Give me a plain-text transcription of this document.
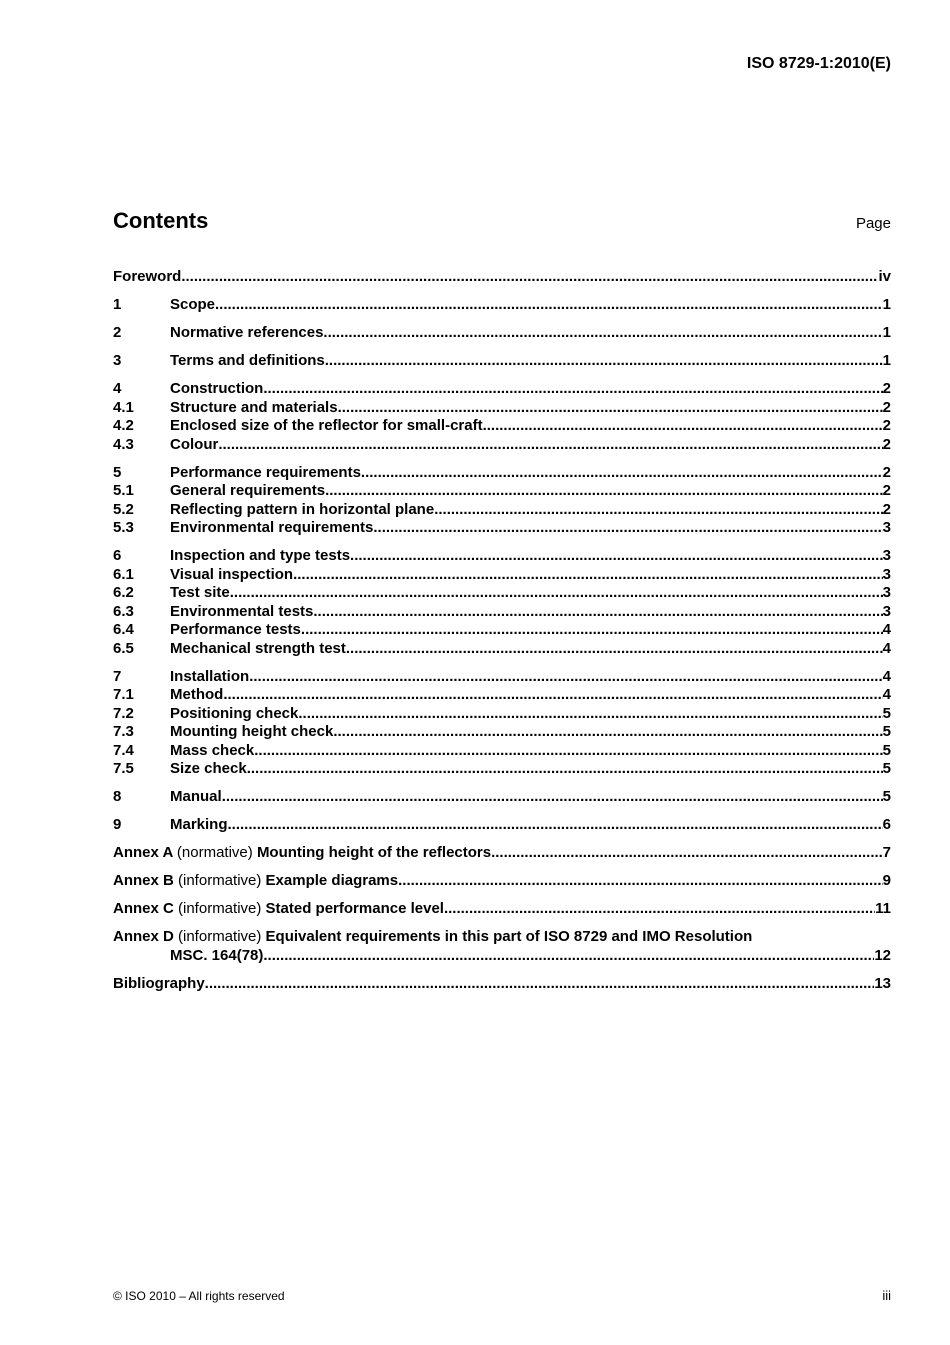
ISO 8729-1:2010(E)
Contents	Page
Foreword .....	iv
1	Scope .....	1
2	Normative references .....	1
3	Terms and definitions .....	1
4	Construction .....	2
4.1 Structure and materials .....	2
4.2 Enclosed size of the reflector for small-craft .....	2
4.3 Colour .....	2
5	Performance requirements .....	2
5.1 General requirements .....	2
5.2 Reflecting pattern in horizontal plane .....	2
5.3 Environmental requirements .....	3
6	Inspection and type tests .....	3
6.1 Visual inspection .....	3
6.2 Test site .....	3
6.3 Environmental tests .....	3
6.4 Performance tests .....	4
6.5 Mechanical strength test .....	4
7	Installation .....	4
7.1 Method .....	4
7.2 Positioning check .....	5
7.3 Mounting height check .....	5
7.4 Mass check .....	5
7.5 Size check .....	5
8	Manual .....	5
9	Marking .....	6
Annex A (normative) Mounting height of the reflectors .....	7
Annex B (informative) Example diagrams .....	9
Annex C (informative) Stated performance level .....	11
Annex D (informative) Equivalent requirements in this part of ISO 8729 and IMO Resolution
MSC. 164(78) .....	12
Bibliography .....	13
© ISO 2010 – All rights reserved	iii
